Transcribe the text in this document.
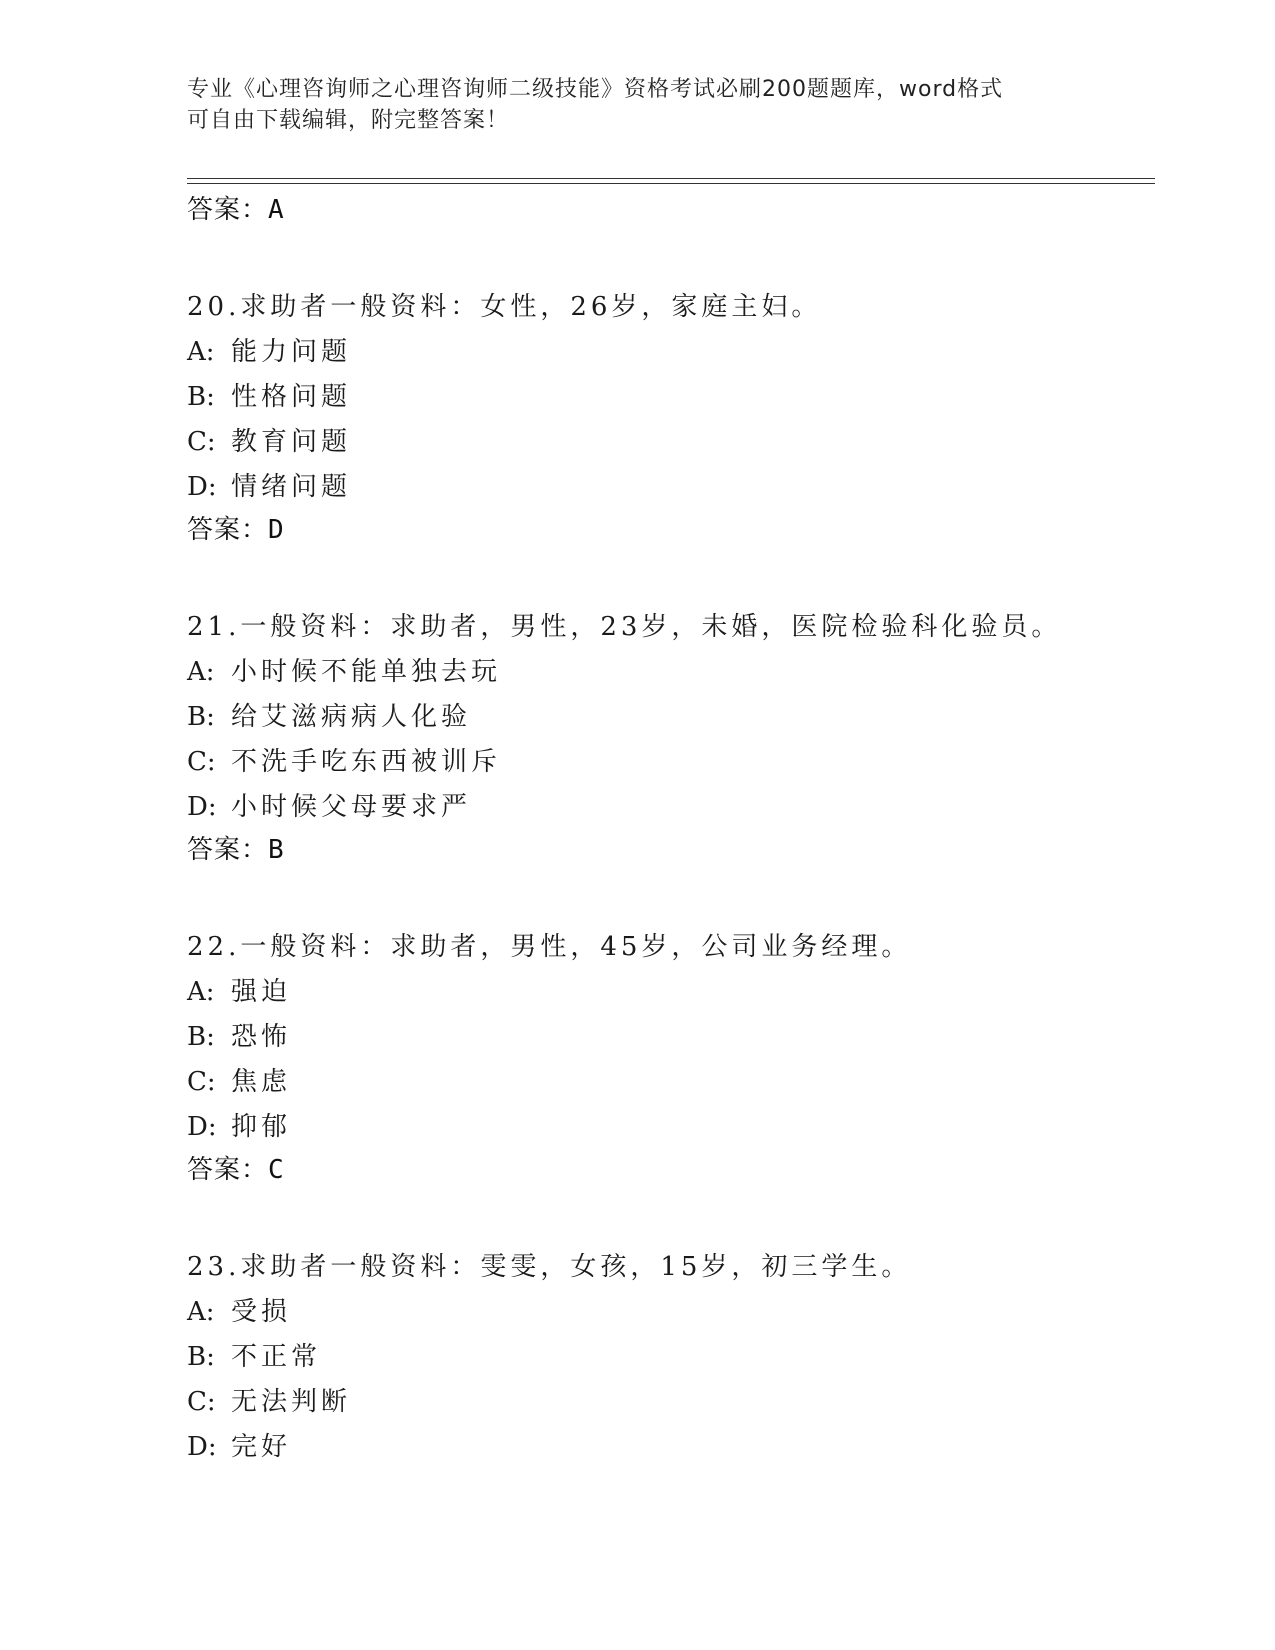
专业《心理咨询师之心理咨询师二级技能》资格考试必刷200题题库，word格式
可自由下载编辑，附完整答案！
答案：A
20.求助者一般资料：女性，26岁，家庭主妇。
A: 能力问题
B: 性格问题
C: 教育问题
D: 情绪问题
答案：D
21.一般资料：求助者，男性，23岁，未婚，医院检验科化验员。
A: 小时候不能单独去玩
B: 给艾滋病病人化验
C: 不洗手吃东西被训斥
D: 小时候父母要求严
答案：B
22.一般资料：求助者，男性，45岁，公司业务经理。
A: 强迫
B: 恐怖
C: 焦虑
D: 抑郁
答案：C
23.求助者一般资料：雯雯，女孩，15岁，初三学生。
A: 受损
B: 不正常
C: 无法判断
D: 完好
